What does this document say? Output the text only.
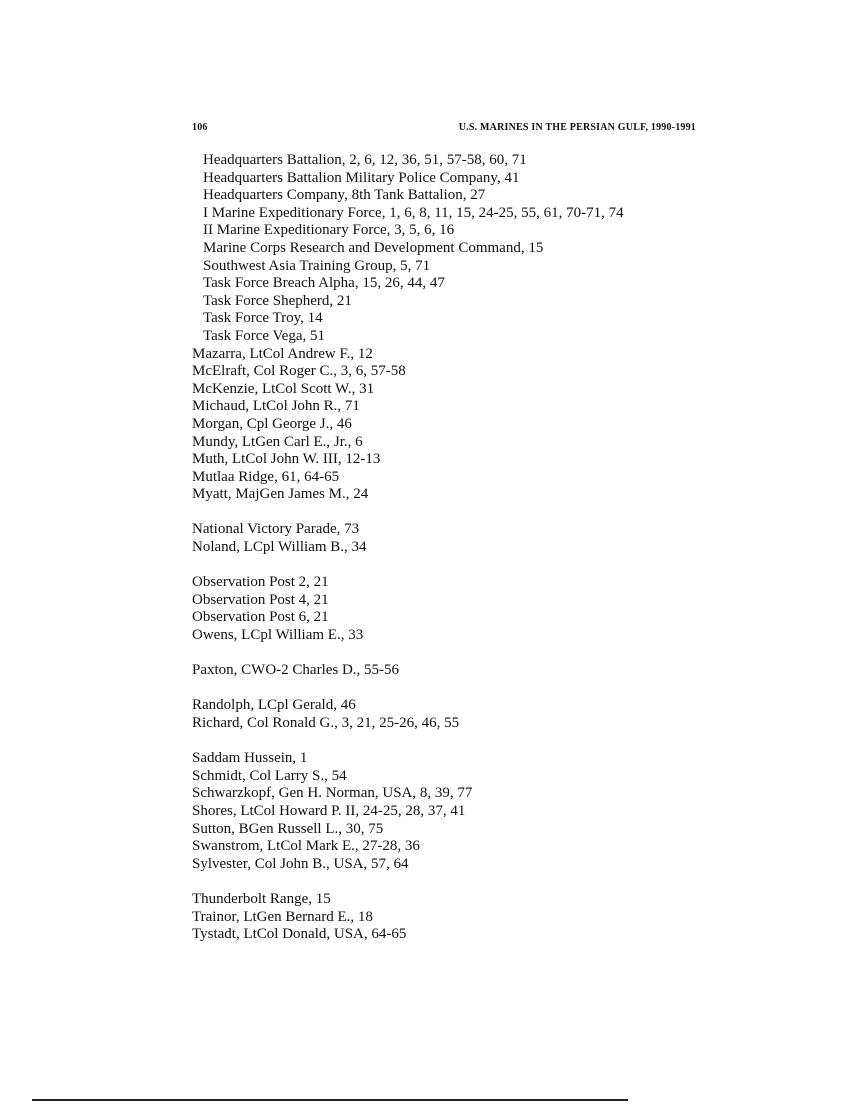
106	U.S. MARINES IN THE PERSIAN GULF, 1990-1991
Headquarters Battalion, 2, 6, 12, 36, 51, 57-58, 60, 71
Headquarters Battalion Military Police Company, 41
Headquarters Company, 8th Tank Battalion, 27
I Marine Expeditionary Force, 1, 6, 8, 11, 15, 24-25, 55, 61, 70-71, 74
II Marine Expeditionary Force, 3, 5, 6, 16
Marine Corps Research and Development Command, 15
Southwest Asia Training Group, 5, 71
Task Force Breach Alpha, 15, 26, 44, 47
Task Force Shepherd, 21
Task Force Troy, 14
Task Force Vega, 51
Mazarra, LtCol Andrew F., 12
McElraft, Col Roger C., 3, 6, 57-58
McKenzie, LtCol Scott W., 31
Michaud, LtCol John R., 71
Morgan, Cpl George J., 46
Mundy, LtGen Carl E., Jr., 6
Muth, LtCol John W. III, 12-13
Mutlaa Ridge, 61, 64-65
Myatt, MajGen James M., 24
National Victory Parade, 73
Noland, LCpl William B., 34
Observation Post 2, 21
Observation Post 4, 21
Observation Post 6, 21
Owens, LCpl William E., 33
Paxton, CWO-2 Charles D., 55-56
Randolph, LCpl Gerald, 46
Richard, Col Ronald G., 3, 21, 25-26, 46, 55
Saddam Hussein, 1
Schmidt, Col Larry S., 54
Schwarzkopf, Gen H. Norman, USA, 8, 39, 77
Shores, LtCol Howard P. II, 24-25, 28, 37, 41
Sutton, BGen Russell L., 30, 75
Swanstrom, LtCol Mark E., 27-28, 36
Sylvester, Col John B., USA, 57, 64
Thunderbolt Range, 15
Trainor, LtGen Bernard E., 18
Tystadt, LtCol Donald, USA, 64-65
